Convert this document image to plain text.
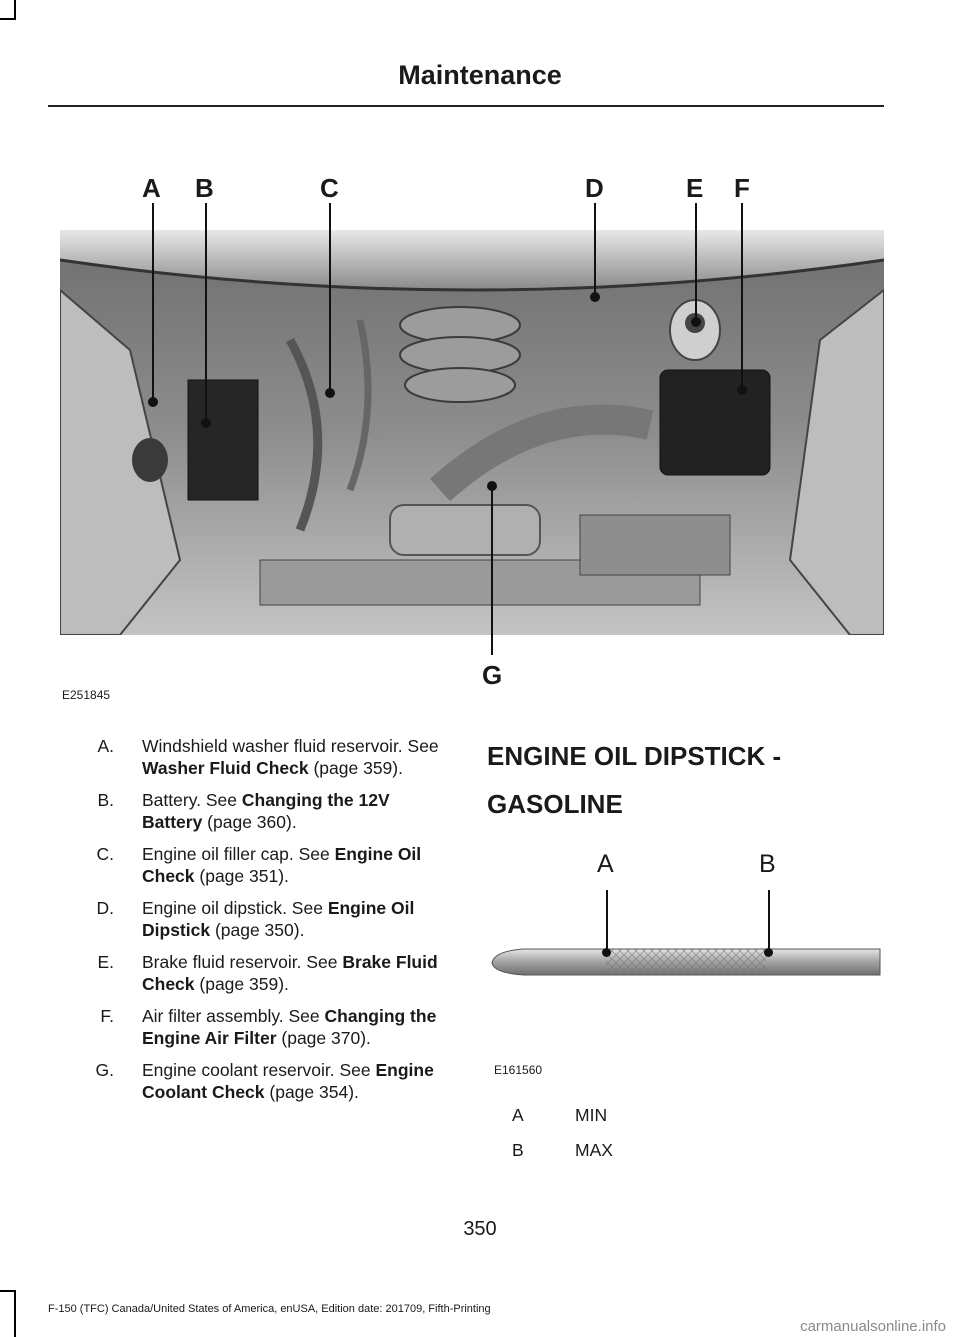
Maintenance
A B	C	D	E F
G
E251845
A.	Windshield washer fluid reservoir. See Washer Fluid Check (page 359).
B.	Battery. See Changing the 12V Battery (page 360).
C.	Engine oil filler cap. See Engine Oil Check (page 351).
D.	Engine oil dipstick. See Engine Oil Dipstick (page 350).
E.	Brake fluid reservoir. See Brake Fluid Check (page 359).
F.	Air filter assembly. See Changing the Engine Air Filter (page 370).
G.	Engine coolant reservoir. See Engine Coolant Check (page 354).
ENGINE OIL DIPSTICK -
GASOLINE
A	B
E161560
A	MIN
B	MAX
350
F-150 (TFC) Canada/United States of America, enUSA, Edition date: 201709, Fifth-Printing
carmanualsonline.info
